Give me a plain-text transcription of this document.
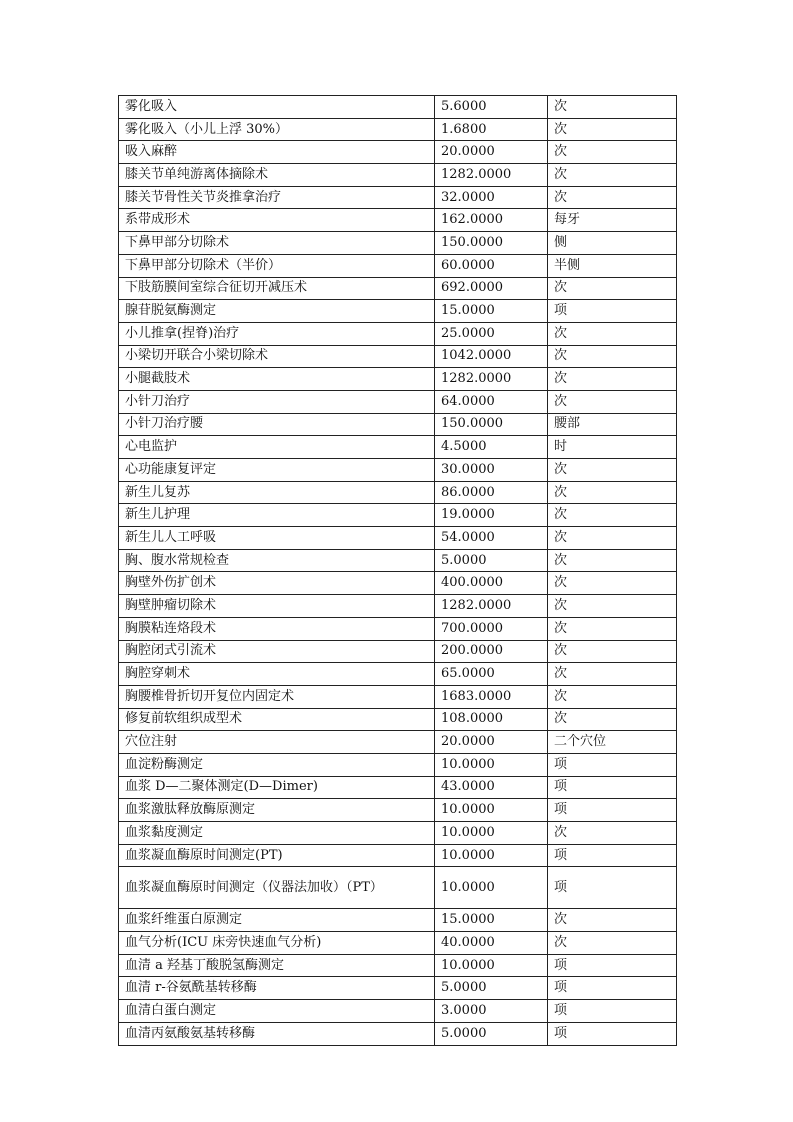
雾化吸入	5.6000	次
雾化吸入（小儿上浮 30%）	1.6800	次
吸入麻醉	20.0000	次
膝关节单纯游离体摘除术	1282.0000	次
膝关节骨性关节炎推拿治疗	32.0000	次
系带成形术	162.0000	每牙
下鼻甲部分切除术	150.0000	侧
下鼻甲部分切除术（半价）	60.0000	半侧
下肢筋膜间室综合征切开减压术	692.0000	次
腺苷脱氨酶测定	15.0000	项
小儿推拿(捏脊)治疗	25.0000	次
小梁切开联合小梁切除术	1042.0000	次
小腿截肢术	1282.0000	次
小针刀治疗	64.0000	次
小针刀治疗腰	150.0000	腰部
心电监护	4.5000	时
心功能康复评定	30.0000	次
新生儿复苏	86.0000	次
新生儿护理	19.0000	次
新生儿人工呼吸	54.0000	次
胸、腹水常规检查	5.0000	次
胸壁外伤扩创术	400.0000	次
胸壁肿瘤切除术	1282.0000	次
胸膜粘连烙段术	700.0000	次
胸腔闭式引流术	200.0000	次
胸腔穿刺术	65.0000	次
胸腰椎骨折切开复位内固定术	1683.0000	次
修复前软组织成型术	108.0000	次
穴位注射	20.0000	二个穴位
血淀粉酶测定	10.0000	项
血浆 D—二聚体测定(D—Dimer)	43.0000	项
血浆激肽释放酶原测定	10.0000	项
血浆黏度测定	10.0000	次
血浆凝血酶原时间测定(PT)	10.0000	项
血浆凝血酶原时间测定（仪器法加收）（PT）	10.0000	项
血浆纤维蛋白原测定	15.0000	次
血气分析(ICU 床旁快速血气分析)	40.0000	次
血清 a 羟基丁酸脱氢酶测定	10.0000	项
血清 r-谷氨酰基转移酶	5.0000	项
血清白蛋白测定	3.0000	项
血清丙氨酸氨基转移酶	5.0000	项
